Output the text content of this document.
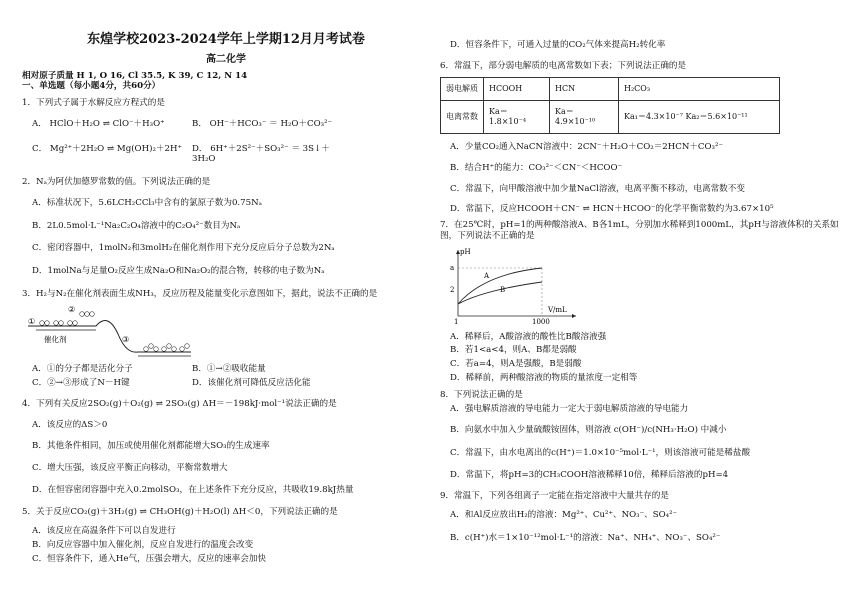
东煌学校2023-2024学年上学期12月月考试卷
高二化学
相对原子质量 H 1, O 16, Cl 35.5, K 39, C 12, N 14
一、单选题（每小题4分，共60分）
1．下列式子属于水解反应方程式的是
A． HClO＋H₂O ⇌ ClO⁻＋H₃O⁺	B． OH⁻＋HCO₃⁻ ＝ H₂O＋CO₃²⁻
C． Mg²⁺＋2H₂O ⇌ Mg(OH)₂＋2H⁺	D． 6H⁺＋2S²⁻＋SO₃²⁻ ＝ 3S↓＋3H₂O
2．Nₐ为阿伏加德罗常数的值。下列说法正确的是
A．标准状况下，5.6LCH₂CCl₃中含有的氯原子数为0.75Nₐ
B．2L0.5mol·L⁻¹Na₂C₂O₄溶液中的C₂O₄²⁻数目为Nₐ
C．密闭容器中，1molN₂和3molH₂在催化剂作用下充分反应后分子总数为2Nₐ
D．1molNa与足量O₂反应生成Na₂O和Na₂O₂的混合物，转移的电子数为Nₐ
3．H₂与N₂在催化剂表面生成NH₃，反应历程及能量变化示意图如下，据此，说法不正确的是
①
②
③
催化剂
A．①的分子都是活化分子	B．①→②吸收能量
C．②→③形成了N－H键	D．该催化剂可降低反应活化能
4．下列有关反应2SO₂(g)＋O₂(g) ⇌ 2SO₃(g) ΔH＝－198kJ·mol⁻¹说法正确的是
A．该反应的ΔS＞0
B．其他条件相同，加压或使用催化剂都能增大SO₃的生成速率
C．增大压强，该反应平衡正向移动，平衡常数增大
D．在恒容密闭容器中充入0.2molSO₃，在上述条件下充分反应，共吸收19.8kJ热量
5．关于反应CO₂(g)＋3H₂(g) ⇌ CH₃OH(g)＋H₂O(l) ΔH＜0，下列说法正确的是
A．该反应在高温条件下可以自发进行
B．向反应容器中加入催化剂，反应自发进行的温度会改变
C．恒容条件下，通入He气，压强会增大，反应的速率会加快
D．恒容条件下，可通入过量的CO₂气体来提高H₂转化率
6．常温下，部分弱电解质的电离常数如下表；下列说法正确的是
弱电解质	HCOOH	HCN	H₂CO₃
电离常数	Ka＝1.8×10⁻⁴	Ka＝4.9×10⁻¹⁰	Ka₁＝4.3×10⁻⁷ Ka₂＝5.6×10⁻¹¹
A．少量CO₂通入NaCN溶液中：2CN⁻＋H₂O＋CO₂＝2HCN＋CO₃²⁻
B．结合H⁺的能力：CO₃²⁻＜CN⁻＜HCOO⁻
C．常温下，向甲酸溶液中加少量NaCl溶液，电离平衡不移动，电离常数不变
D．常温下，反应HCOOH＋CN⁻ ⇌ HCN＋HCOO⁻的化学平衡常数约为3.67×10⁵
7．在25℃时，pH=1的两种酸溶液A、B各1mL，分别加水稀释到1000mL，其pH与溶液体积的关系如图，下列说法不正确的是
pH
V/mL
a
2
1	1000
A
B
A．稀释后，A酸溶液的酸性比B酸溶液强
B．若1<a<4，则A、B都是弱酸
C．若a=4，则A是强酸，B是弱酸
D．稀释前，两种酸溶液的物质的量浓度一定相等
8．下列说法正确的是
A．强电解质溶液的导电能力一定大于弱电解质溶液的导电能力
B．向氨水中加入少量硫酸铵固体，则溶液 c(OH⁻)/c(NH₃·H₂O) 中减小
C．常温下，由水电离出的c(H⁺)＝1.0×10⁻⁵mol·L⁻¹，则该溶液可能是稀盐酸
D．常温下，将pH=3的CH₃COOH溶液稀释10倍，稀释后溶液的pH=4
9．常温下，下列各组离子一定能在指定溶液中大量共存的是
A．和Al反应放出H₂的溶液：Mg²⁺、Cu²⁺、NO₃⁻、SO₄²⁻
B．c(H⁺)水＝1×10⁻¹²mol·L⁻¹的溶液：Na⁺、NH₄⁺、NO₃⁻、SO₄²⁻
